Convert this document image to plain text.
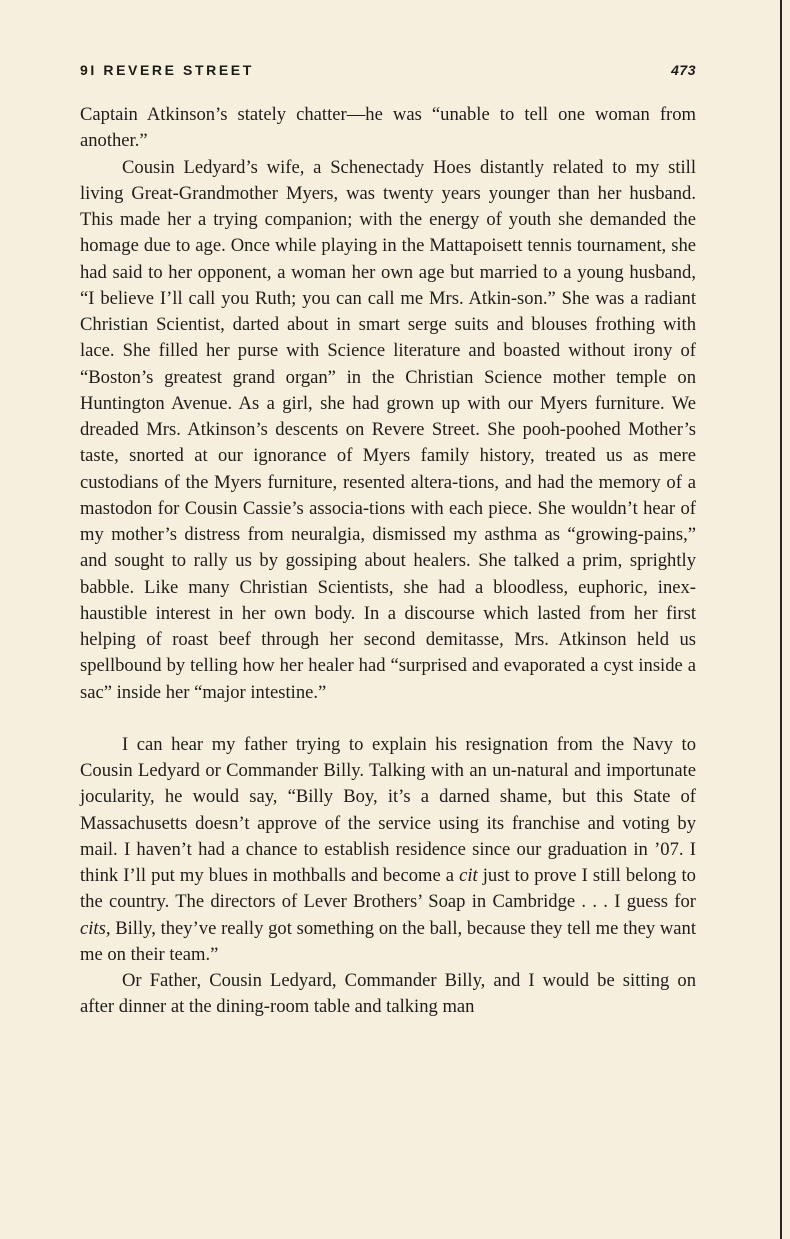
9I REVERE STREET	473

Captain Atkinson’s stately chatter—he was “unable to tell one woman from another.”

Cousin Ledyard’s wife, a Schenectady Hoes distantly related to my still living Great-Grandmother Myers, was twenty years younger than her husband. This made her a trying companion; with the energy of youth she demanded the homage due to age. Once while playing in the Mattapoisett tennis tournament, she had said to her opponent, a woman her own age but married to a young husband, “I believe I’ll call you Ruth; you can call me Mrs. Atkin-son.” She was a radiant Christian Scientist, darted about in smart serge suits and blouses frothing with lace. She filled her purse with Science literature and boasted without irony of “Boston’s greatest grand organ” in the Christian Science mother temple on Huntington Avenue. As a girl, she had grown up with our Myers furniture. We dreaded Mrs. Atkinson’s descents on Revere Street. She pooh-poohed Mother’s taste, snorted at our ignorance of Myers family history, treated us as mere custodians of the Myers furniture, resented altera-tions, and had the memory of a mastodon for Cousin Cassie’s associa-tions with each piece. She wouldn’t hear of my mother’s distress from neuralgia, dismissed my asthma as “growing-pains,” and sought to rally us by gossiping about healers. She talked a prim, sprightly babble. Like many Christian Scientists, she had a bloodless, euphoric, inex-haustible interest in her own body. In a discourse which lasted from her first helping of roast beef through her second demitasse, Mrs. Atkinson held us spellbound by telling how her healer had “surprised and evaporated a cyst inside a sac” inside her “major intestine.”

I can hear my father trying to explain his resignation from the Navy to Cousin Ledyard or Commander Billy. Talking with an un-natural and importunate jocularity, he would say, “Billy Boy, it’s a darned shame, but this State of Massachusetts doesn’t approve of the service using its franchise and voting by mail. I haven’t had a chance to establish residence since our graduation in ’07. I think I’ll put my blues in mothballs and become a cit just to prove I still belong to the country. The directors of Lever Brothers’ Soap in Cambridge . . . I guess for cits, Billy, they’ve really got something on the ball, because they tell me they want me on their team.”

Or Father, Cousin Ledyard, Commander Billy, and I would be sitting on after dinner at the dining-room table and talking man
